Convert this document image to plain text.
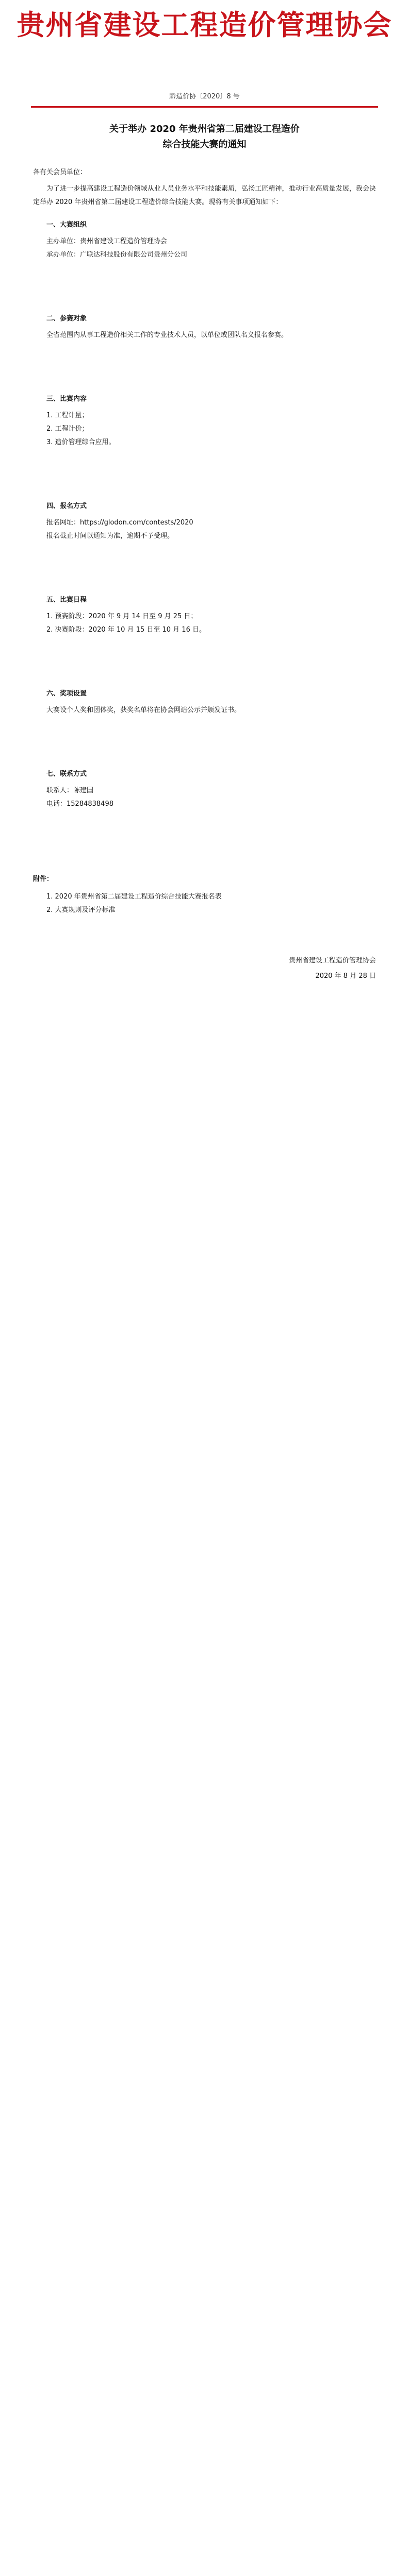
贵州省建设工程造价管理协会
黔造价协〔2020〕8 号
关于举办 2020 年贵州省第二届建设工程造价
综合技能大赛的通知

各有关会员单位：

为了进一步提高建设工程造价领域从业人员业务水平和技能素质，弘扬工匠精神，推动行业高质量发展，我会决定举办 2020 年贵州省第二届建设工程造价综合技能大赛。现将有关事项通知如下：

一、大赛组织

主办单位：贵州省建设工程造价管理协会

承办单位：广联达科技股份有限公司贵州分公司

二、参赛对象

全省范围内从事工程造价相关工作的专业技术人员，以单位或团队名义报名参赛。

三、比赛内容

1. 工程计量；

2. 工程计价；

3. 造价管理综合应用。

四、报名方式

报名网址：https://glodon.com/contests/2020

报名截止时间以通知为准，逾期不予受理。

五、比赛日程

1. 预赛阶段：2020 年 9 月 14 日至 9 月 25 日；

2. 决赛阶段：2020 年 10 月 15 日至 10 月 16 日。

六、奖项设置

大赛设个人奖和团体奖，获奖名单将在协会网站公示并颁发证书。

七、联系方式

联系人：陈建国

电话：15284838498

附件：

1. 2020 年贵州省第二届建设工程造价综合技能大赛报名表

2. 大赛规则及评分标准

贵州省建设工程造价管理协会
2020 年 8 月 28 日
